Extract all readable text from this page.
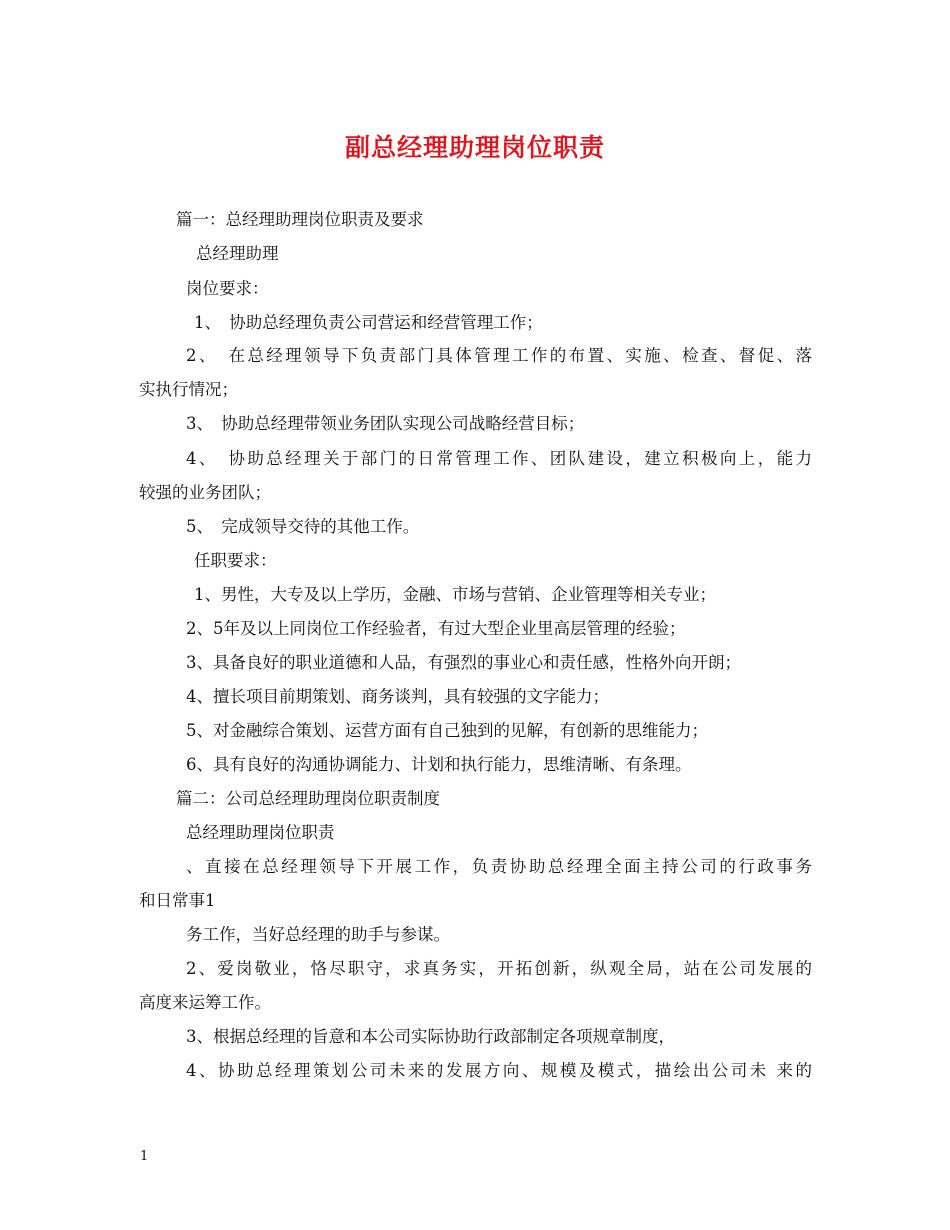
副总经理助理岗位职责
篇一：总经理助理岗位职责及要求
总经理助理
岗位要求：
1、　协助总经理负责公司营运和经营管理工作；
2、　在总经理领导下负责部门具体管理工作的布置、实施、检查、督促、落
实执行情况；
3、　协助总经理带领业务团队实现公司战略经营目标；
4、　协助总经理关于部门的日常管理工作、团队建设，建立积极向上，能力
较强的业务团队；
5、　完成领导交待的其他工作。
任职要求：
1、男性，大专及以上学历，金融、市场与营销、企业管理等相关专业；
2、5年及以上同岗位工作经验者，有过大型企业里高层管理的经验；
3、具备良好的职业道德和人品，有强烈的事业心和责任感，性格外向开朗；
4、擅长项目前期策划、商务谈判，具有较强的文字能力；
5、对金融综合策划、运营方面有自己独到的见解，有创新的思维能力；
6、具有良好的沟通协调能力、计划和执行能力，思维清晰、有条理。
篇二：公司总经理助理岗位职责制度
总经理助理岗位职责
、直接在总经理领导下开展工作，负责协助总经理全面主持公司的行政事务
和日常事1
务工作，当好总经理的助手与参谋。
2、爱岗敬业，恪尽职守，求真务实，开拓创新，纵观全局，站在公司发展的
高度来运筹工作。
3、根据总经理的旨意和本公司实际协助行政部制定各项规章制度，
4、协助总经理策划公司未来的发展方向、规模及模式，描绘出公司未 来的
1
